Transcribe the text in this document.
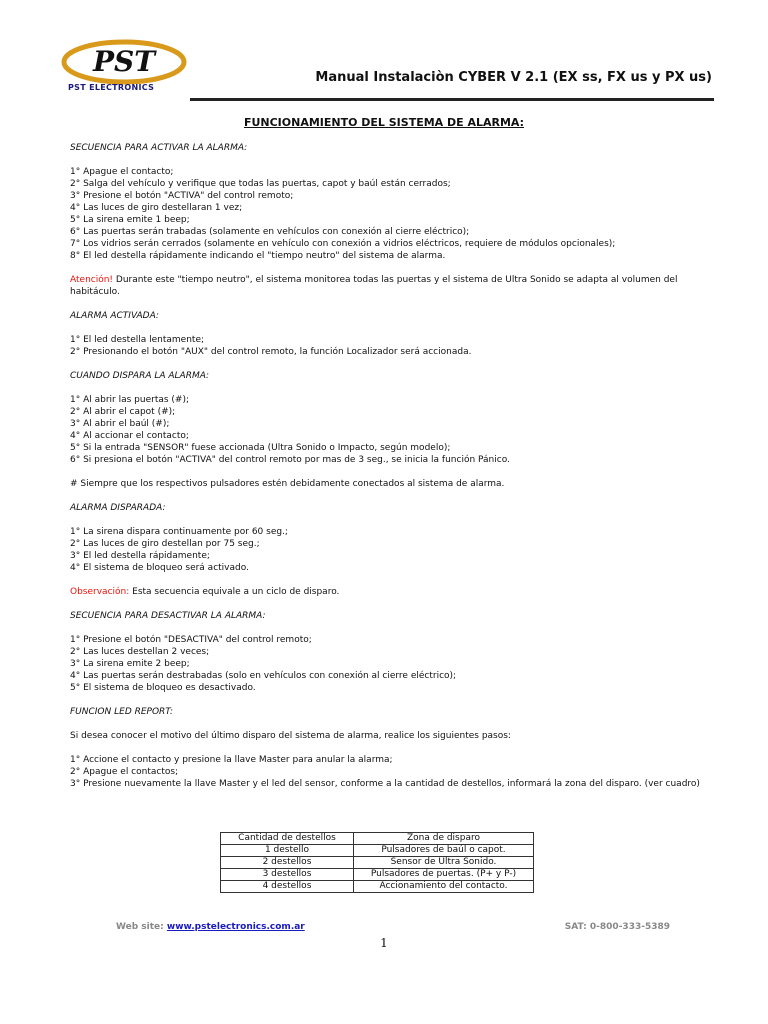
PST
PST ELECTRONICS
Manual Instalaciòn CYBER V 2.1 (EX ss, FX us y PX us)
FUNCIONAMIENTO DEL SISTEMA DE ALARMA:

SECUENCIA PARA ACTIVAR LA ALARMA:

1° Apague el contacto;

2° Salga del vehículo y verifique que todas las puertas, capot y baúl están cerrados;

3° Presione el botón "ACTIVA" del control remoto;

4° Las luces de giro destellaran 1 vez;

5° La sirena emite 1 beep;

6° Las puertas serán trabadas (solamente en vehículos con conexión al cierre eléctrico);

7° Los vidrios serán cerrados (solamente en vehículo con conexión a vidrios eléctricos, requiere de módulos opcionales);

8° El led destella rápidamente indicando el "tiempo neutro" del sistema de alarma.

Atención! Durante este "tiempo neutro", el sistema monitorea todas las puertas y el sistema de Ultra Sonido se adapta al volumen del habitáculo.

ALARMA ACTIVADA:

1° El led destella lentamente;

2° Presionando el botón "AUX" del control remoto, la función Localizador será accionada.

CUANDO DISPARA LA ALARMA:

1° Al abrir las puertas (#);

2° Al abrir el capot (#);

3° Al abrir el baúl (#);

4° Al accionar el contacto;

5° Si la entrada "SENSOR" fuese accionada (Ultra Sonido o Impacto, según modelo);

6° Si presiona el botón "ACTIVA" del control remoto por mas de 3 seg., se inicia la función Pánico.

# Siempre que los respectivos pulsadores estén debidamente conectados al sistema de alarma.

ALARMA DISPARADA:

1° La sirena dispara continuamente por 60 seg.;

2° Las luces de giro destellan por 75 seg.;

3° El led destella rápidamente;

4° El sistema de bloqueo será activado.

Observación: Esta secuencia equivale a un ciclo de disparo.

SECUENCIA PARA DESACTIVAR LA ALARMA:

1° Presione el botón "DESACTIVA" del control remoto;

2° Las luces destellan 2 veces;

3° La sirena emite 2 beep;

4° Las puertas serán destrabadas (solo en vehículos con conexión al cierre eléctrico);

5° El sistema de bloqueo es desactivado.

FUNCION LED REPORT:

Si desea conocer el motivo del último disparo del sistema de alarma, realice los siguientes pasos:

1° Accione el contacto y presione la llave Master para anular la alarma;

2° Apague el contactos;

3° Presione nuevamente la llave Master y el led del sensor, conforme a la cantidad de destellos, informará la zona del disparo. (ver cuadro)

Cantidad de destellos	Zona de disparo
1 destello	Pulsadores de baúl o capot.
2 destellos	Sensor de Ultra Sonido.
3 destellos	Pulsadores de puertas. (P+ y P-)
4 destellos	Accionamiento del contacto.
Web site: www.pstelectronics.com.ar	SAT: 0-800-333-5389
1
